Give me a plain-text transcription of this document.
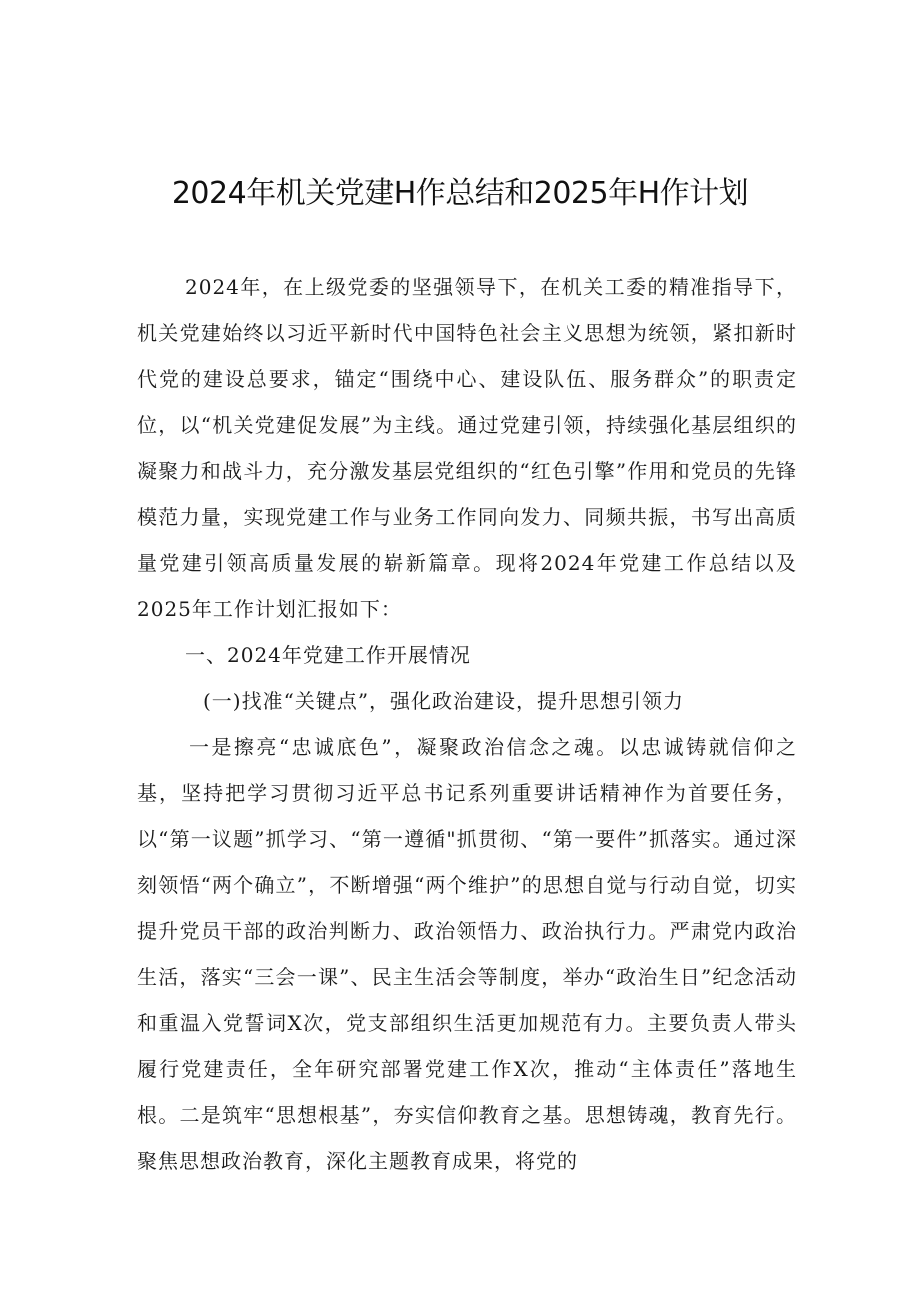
2024年机关党建H作总结和2025年H作计划

2024年，在上级党委的坚强领导下，在机关工委的精准指导下，机关党建始终以习近平新时代中国特色社会主义思想为统领，紧扣新时代党的建设总要求，锚定“围绕中心、建设队伍、服务群众”的职责定位，以“机关党建促发展”为主线。通过党建引领，持续强化基层组织的凝聚力和战斗力，充分激发基层党组织的“红色引擎”作用和党员的先锋模范力量，实现党建工作与业务工作同向发力、同频共振，书写出高质量党建引领高质量发展的崭新篇章。现将2024年党建工作总结以及2025年工作计划汇报如下：

一、2024年党建工作开展情况

(一)找准“关键点”，强化政治建设，提升思想引领力

一是擦亮“忠诚底色”，凝聚政治信念之魂。以忠诚铸就信仰之基，坚持把学习贯彻习近平总书记系列重要讲话精神作为首要任务，以“第一议题”抓学习、“第一遵循"抓贯彻、“第一要件”抓落实。通过深刻领悟“两个确立”，不断增强“两个维护”的思想自觉与行动自觉，切实提升党员干部的政治判断力、政治领悟力、政治执行力。严肃党内政治生活，落实“三会一课”、民主生活会等制度，举办“政治生日”纪念活动和重温入党誓词X次，党支部组织生活更加规范有力。主要负责人带头履行党建责任，全年研究部署党建工作X次，推动“主体责任”落地生根。二是筑牢“思想根基”，夯实信仰教育之基。思想铸魂，教育先行。聚焦思想政治教育，深化主题教育成果，将党的
